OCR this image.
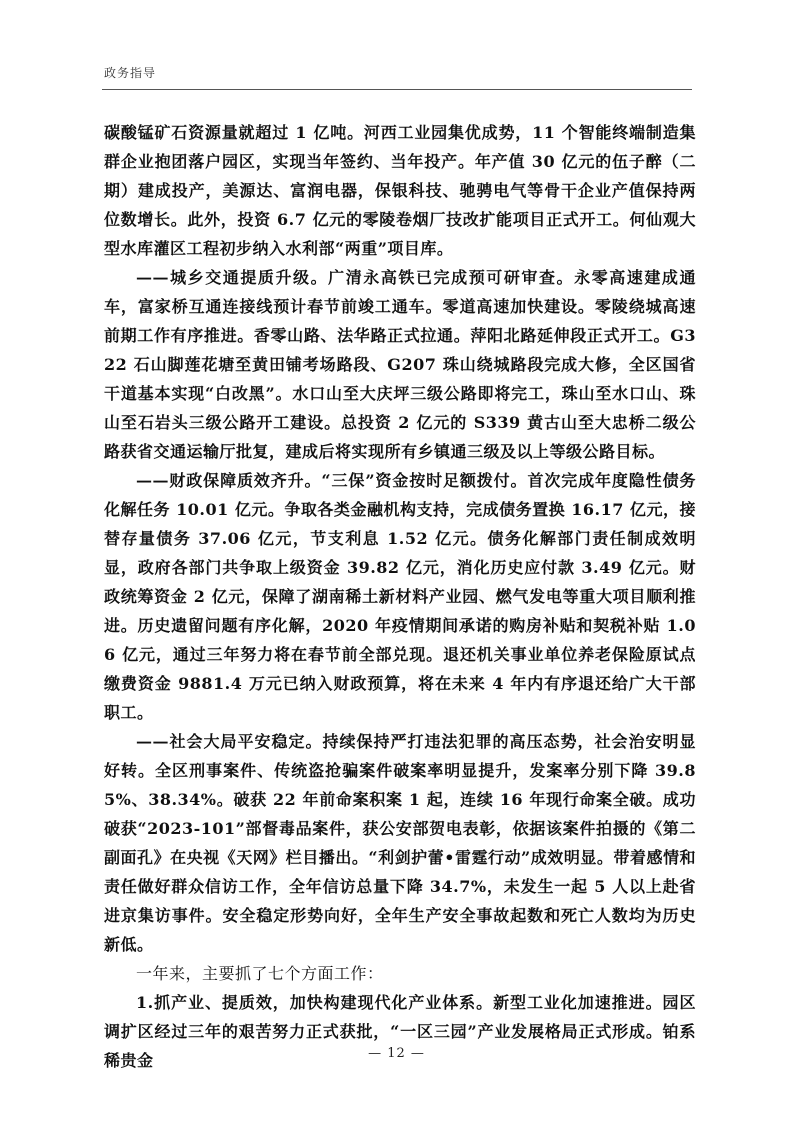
政务指导

碳酸锰矿石资源量就超过 1 亿吨。河西工业园集优成势，11 个智能终端制造集群企业抱团落户园区，实现当年签约、当年投产。年产值 30 亿元的伍子醉（二期）建成投产，美源达、富润电器，保银科技、驰骋电气等骨干企业产值保持两位数增长。此外，投资 6.7 亿元的零陵卷烟厂技改扩能项目正式开工。何仙观大型水库灌区工程初步纳入水利部“两重”项目库。

——城乡交通提质升级。广清永高铁已完成预可研审查。永零高速建成通车，富家桥互通连接线预计春节前竣工通车。零道高速加快建设。零陵绕城高速前期工作有序推进。香零山路、法华路正式拉通。萍阳北路延伸段正式开工。G322 石山脚莲花塘至黄田铺考场路段、G207 珠山绕城路段完成大修，全区国省干道基本实现“白改黑”。水口山至大庆坪三级公路即将完工，珠山至水口山、珠山至石岩头三级公路开工建设。总投资 2 亿元的 S339 黄古山至大忠桥二级公路获省交通运输厅批复，建成后将实现所有乡镇通三级及以上等级公路目标。

——财政保障质效齐升。“三保”资金按时足额拨付。首次完成年度隐性债务化解任务 10.01 亿元。争取各类金融机构支持，完成债务置换 16.17 亿元，接替存量债务 37.06 亿元，节支利息 1.52 亿元。债务化解部门责任制成效明显，政府各部门共争取上级资金 39.82 亿元，消化历史应付款 3.49 亿元。财政统筹资金 2 亿元，保障了湖南稀土新材料产业园、燃气发电等重大项目顺利推进。历史遗留问题有序化解，2020 年疫情期间承诺的购房补贴和契税补贴 1.06 亿元，通过三年努力将在春节前全部兑现。退还机关事业单位养老保险原试点缴费资金 9881.4 万元已纳入财政预算，将在未来 4 年内有序退还给广大干部职工。

——社会大局平安稳定。持续保持严打违法犯罪的高压态势，社会治安明显好转。全区刑事案件、传统盗抢骗案件破案率明显提升，发案率分别下降 39.85%、38.34%。破获 22 年前命案积案 1 起，连续 16 年现行命案全破。成功破获“2023-101”部督毒品案件，获公安部贺电表彰，依据该案件拍摄的《第二副面孔》在央视《天网》栏目播出。“利剑护蕾•雷霆行动”成效明显。带着感情和责任做好群众信访工作，全年信访总量下降 34.7%，未发生一起 5 人以上赴省进京集访事件。安全稳定形势向好，全年生产安全事故起数和死亡人数均为历史新低。

一年来，主要抓了七个方面工作：

1.抓产业、提质效，加快构建现代化产业体系。新型工业化加速推进。园区调扩区经过三年的艰苦努力正式获批，“一区三园”产业发展格局正式形成。铂系稀贵金	— 12 —
